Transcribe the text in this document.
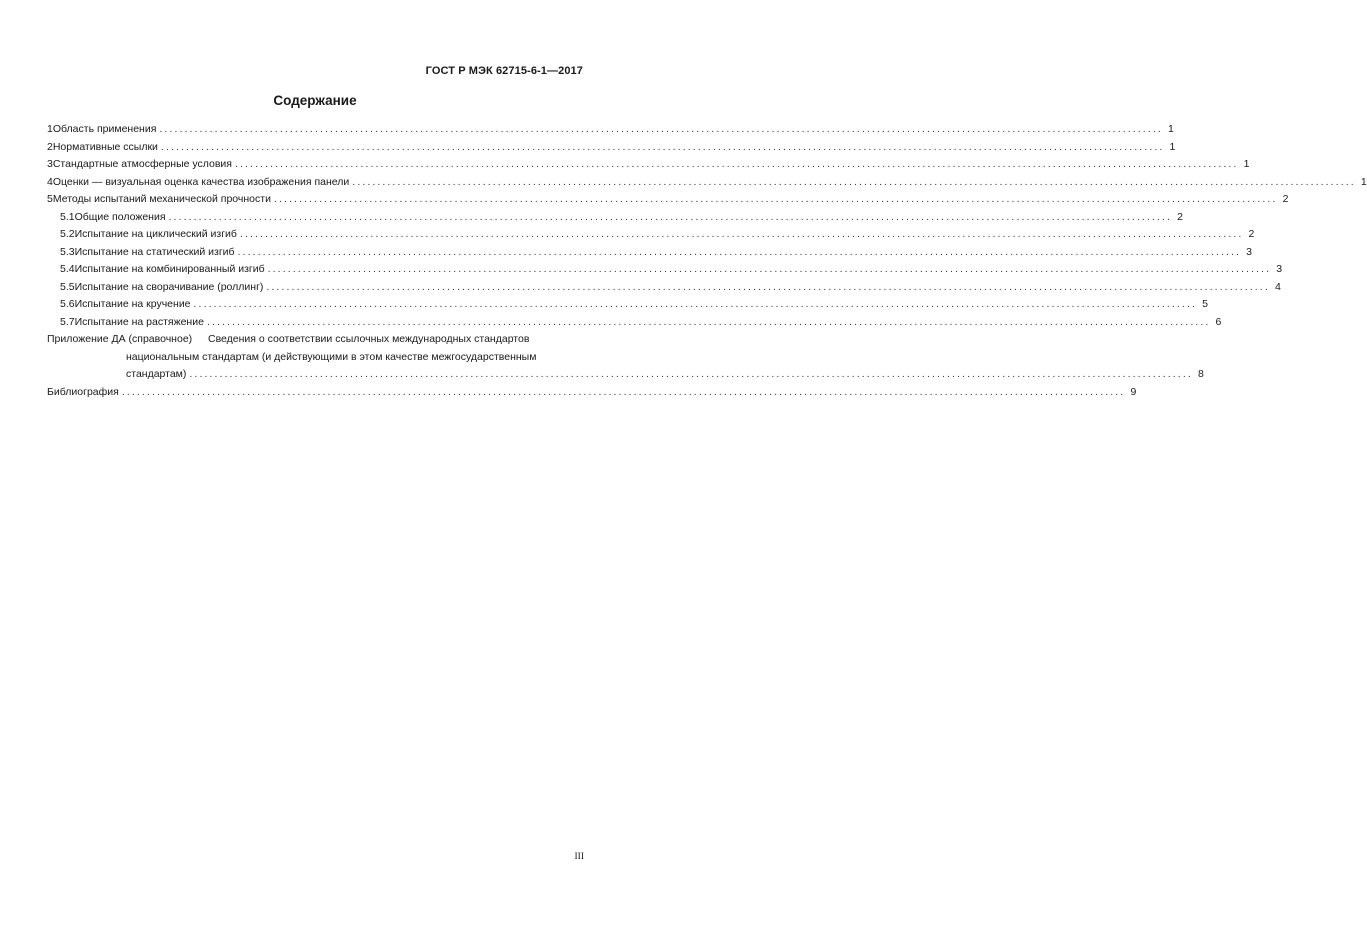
ГОСТ Р МЭК 62715-6-1—2017
Содержание
1 Область применения ........................................................................................................................................................................................................ 1
2 Нормативные ссылки ........................................................................................................................................................................................................ 1
3 Стандартные атмосферные условия ........................................................................................................................................................................................................ 1
4 Оценки — визуальная оценка качества изображения панели ........................................................................................................................................................................................................ 1
5 Методы испытаний механической прочности ........................................................................................................................................................................................................ 2
5.1 Общие положения ........................................................................................................................................................................................................ 2
5.2 Испытание на циклический изгиб ........................................................................................................................................................................................................ 2
5.3 Испытание на статический изгиб ........................................................................................................................................................................................................ 3
5.4 Испытание на комбинированный изгиб ........................................................................................................................................................................................................ 3
5.5 Испытание на сворачивание (роллинг) ........................................................................................................................................................................................................ 4
5.6 Испытание на кручение ........................................................................................................................................................................................................ 5
5.7 Испытание на растяжение ........................................................................................................................................................................................................ 6
Приложение ДА (справочное)	Сведения о соответствии ссылочных международных стандартов
национальным стандартам (и действующими в этом качестве межгосударственным
стандартам) ........................................................................................................................................................................................................ 8
Библиография ........................................................................................................................................................................................................ 9
III
